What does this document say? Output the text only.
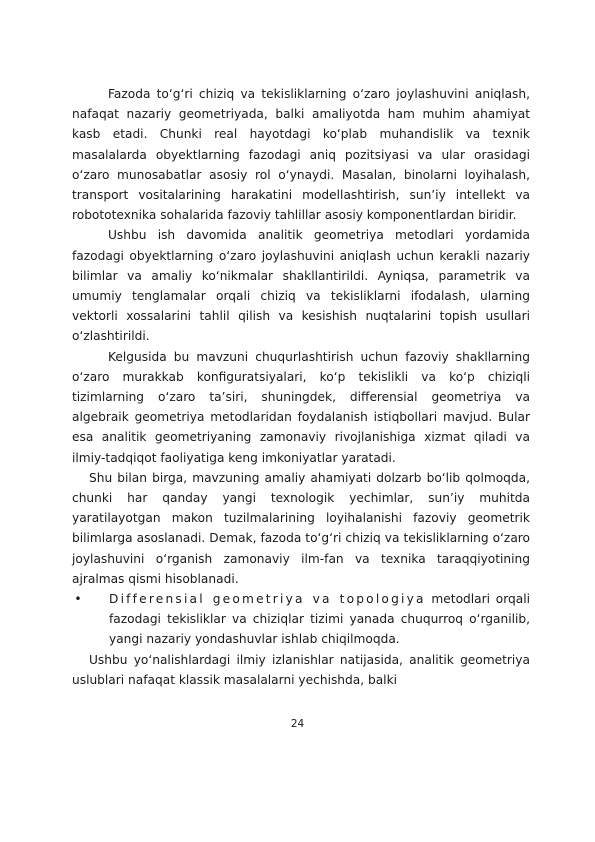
Fazoda to‘g‘ri chiziq va tekisliklarning o‘zaro joylashuvini aniqlash, nafaqat nazariy geometriyada, balki amaliyotda ham muhim ahamiyat kasb etadi. Chunki real hayotdagi ko‘plab muhandislik va texnik masalalarda obyektlarning fazodagi aniq pozitsiyasi va ular orasidagi o‘zaro munosabatlar asosiy rol o‘ynaydi. Masalan, binolarni loyihalash, transport vositalarining harakatini modellashtirish, sun’iy intellekt va robototexnika sohalarida fazoviy tahlillar asosiy komponentlardan biridir.

Ushbu ish davomida analitik geometriya metodlari yordamida fazodagi obyektlarning o‘zaro joylashuvini aniqlash uchun kerakli nazariy bilimlar va amaliy ko‘nikmalar shakllantirildi. Ayniqsa, parametrik va umumiy tenglamalar orqali chiziq va tekisliklarni ifodalash, ularning vektorli xossalarini tahlil qilish va kesishish nuqtalarini topish usullari o‘zlashtirildi.

Kelgusida bu mavzuni chuqurlashtirish uchun fazoviy shakllarning o‘zaro murakkab konfiguratsiyalari, ko‘p tekislikli va ko‘p chiziqli tizimlarning o‘zaro ta’siri, shuningdek, differensial geometriya va algebraik geometriya metodlaridan foydalanish istiqbollari mavjud. Bular esa analitik geometriyaning zamonaviy rivojlanishiga xizmat qiladi va ilmiy-tadqiqot faoliyatiga keng imkoniyatlar yaratadi.

Shu bilan birga, mavzuning amaliy ahamiyati dolzarb bo‘lib qolmoqda, chunki har qanday yangi texnologik yechimlar, sun’iy muhitda yaratilayotgan makon tuzilmalarining loyihalanishi fazoviy geometrik bilimlarga asoslanadi. Demak, fazoda to‘g‘ri chiziq va tekisliklarning o‘zaro joylashuvini o‘rganish zamonaviy ilm-fan va texnika taraqqiyotining ajralmas qismi hisoblanadi.

• Differensial geometriya va topologiya metodlari orqali fazodagi tekisliklar va chiziqlar tizimi yanada chuqurroq o‘rganilib, yangi nazariy yondashuvlar ishlab chiqilmoqda.

Ushbu yo‘nalishlardagi ilmiy izlanishlar natijasida, analitik geometriya uslublari nafaqat klassik masalalarni yechishda, balki

24
